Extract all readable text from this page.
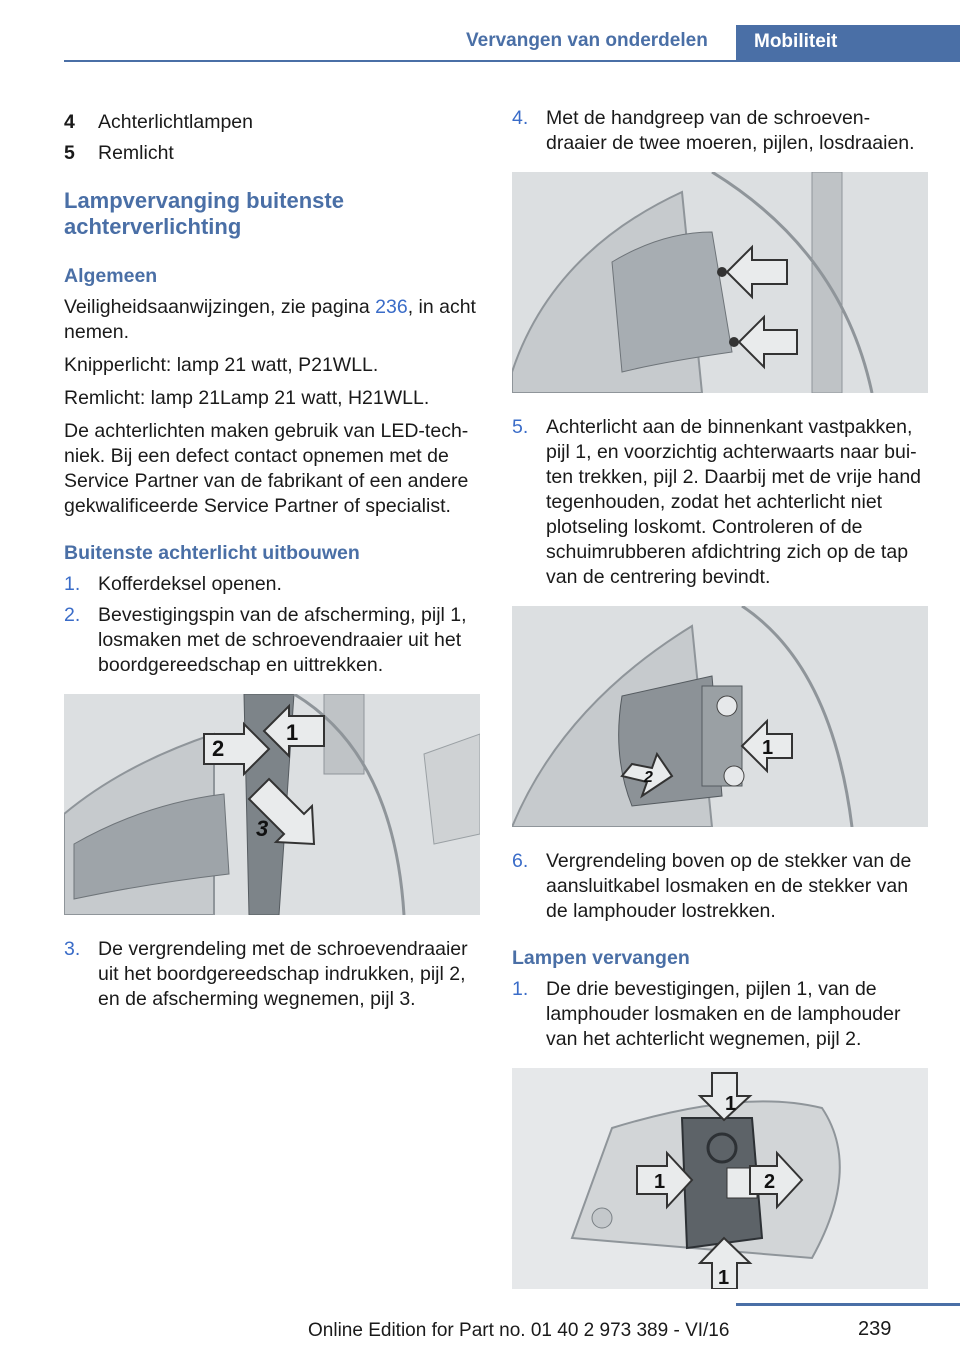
Vervangen van onderdelen	Mobiliteit
4	Achterlichtlampen
5	Remlicht
Lampvervanging buitenste achterverlichting
Algemeen
Veiligheidsaanwijzingen, zie pagina 236, in acht nemen.
Knipperlicht: lamp 21 watt, P21WLL.
Remlicht: lamp 21Lamp 21 watt, H21WLL.
De achterlichten maken gebruik van LED-tech‐niek. Bij een defect contact opnemen met de Service Partner van de fabrikant of een andere gekwalificeerde Service Partner of specialist.
Buitenste achterlicht uitbouwen
1. Kofferdeksel openen.
2. Bevestigingspin van de afscherming, pijl 1, losmaken met de schroevendraaier uit het boordgereedschap en uittrekken.
2
1
3
3. De vergrendeling met de schroevendraaier uit het boordgereedschap indrukken, pijl 2, en de afscherming wegnemen, pijl 3.
4. Met de handgreep van de schroeven‐draaier de twee moeren, pijlen, losdraaien.
5. Achterlicht aan de binnenkant vastpakken, pijl 1, en voorzichtig achterwaarts naar bui‐ten trekken, pijl 2. Daarbij met de vrije hand tegenhouden, zodat het achterlicht niet plotseling loskomt. Controleren of de schuimrubberen afdichtring zich op de tap van de centrering bevindt.
1
2
6. Vergrendeling boven op de stekker van de aansluitkabel losmaken en de stekker van de lamphouder lostrekken.
Lampen vervangen
1. De drie bevestigingen, pijlen 1, van de lamphouder losmaken en de lamphouder van het achterlicht wegnemen, pijl 2.
1
1	2
1
239
Online Edition for Part no. 01 40 2 973 389 - VI/16
